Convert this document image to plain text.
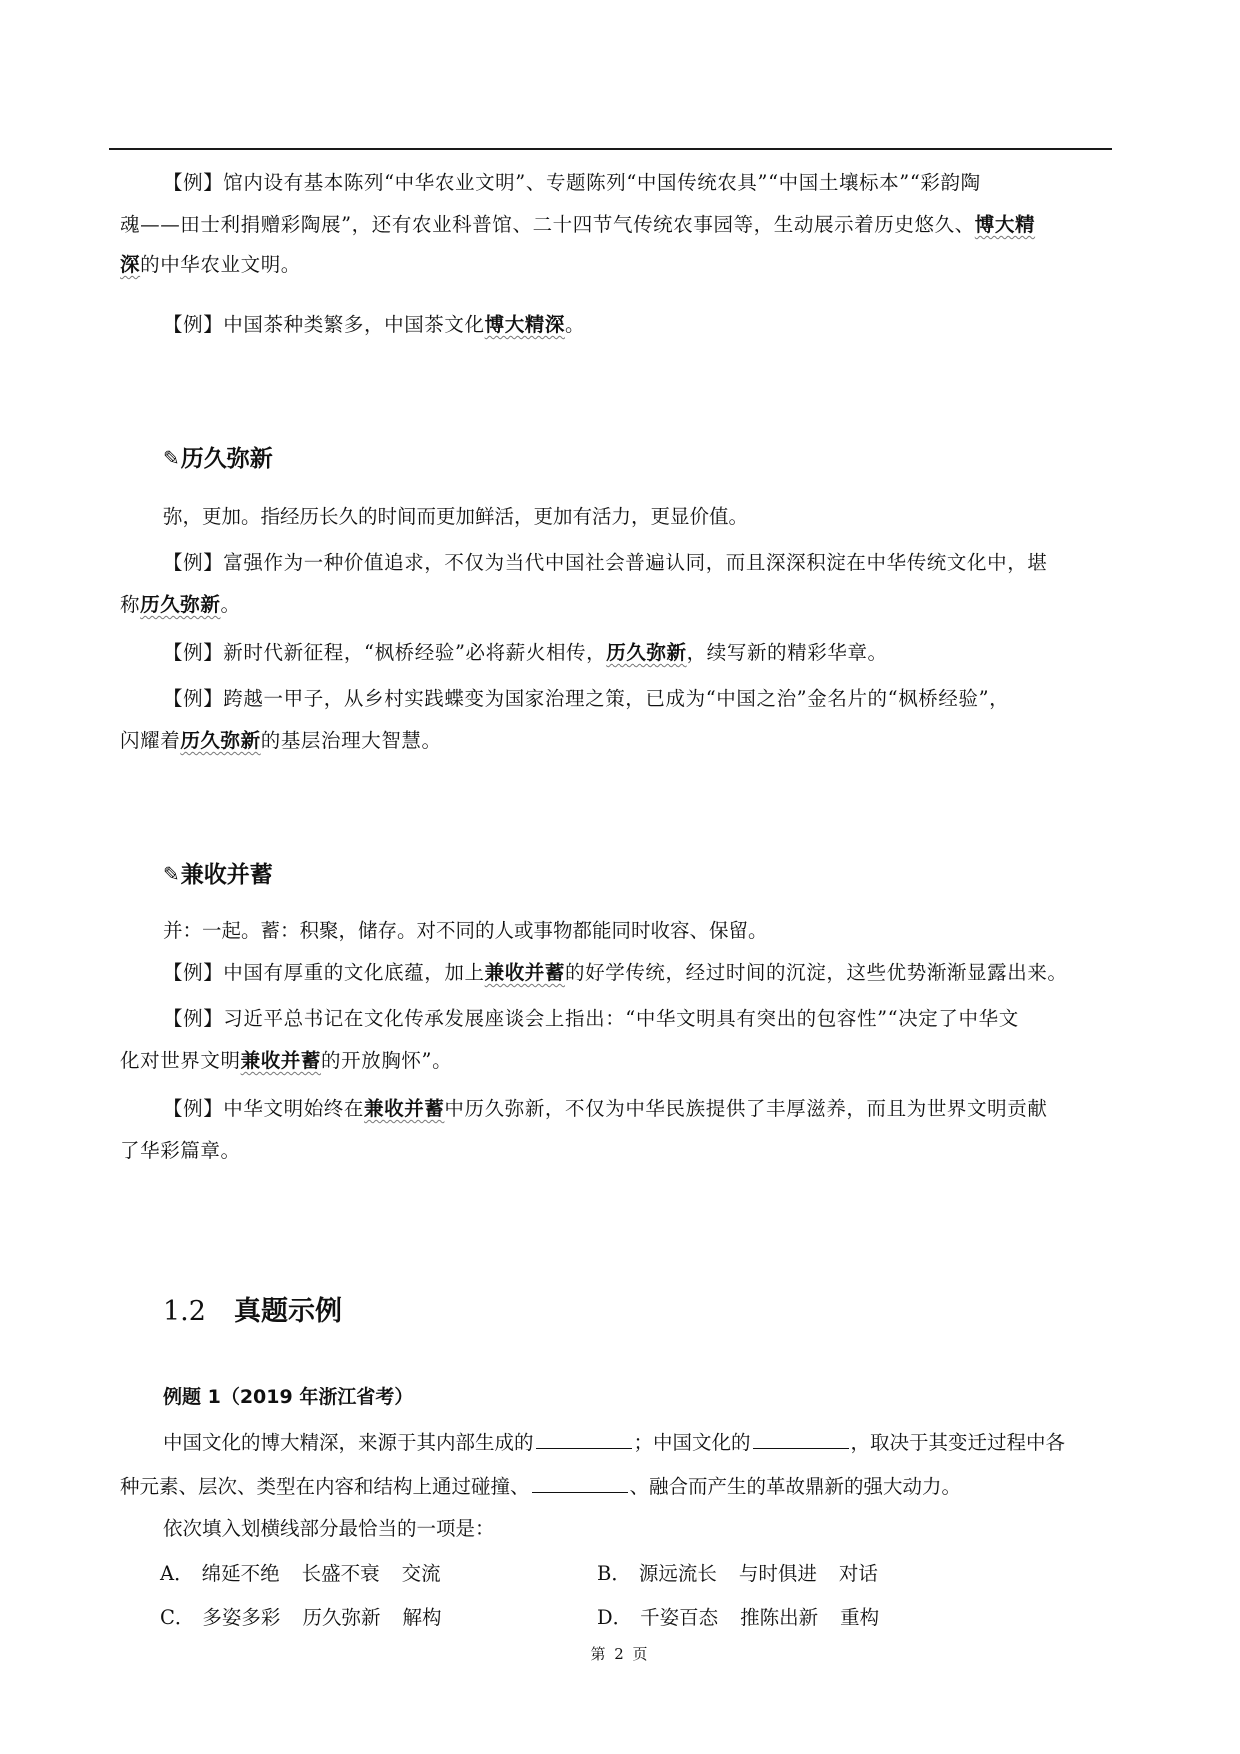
【例】馆内设有基本陈列“中华农业文明”、专题陈列“中国传统农具”“中国土壤标本”“彩韵陶
魂——田士利捐赠彩陶展”，还有农业科普馆、二十四节气传统农事园等，生动展示着历史悠久、博大精
深的中华农业文明。
【例】中国茶种类繁多，中国茶文化博大精深。
✎历久弥新
弥，更加。指经历长久的时间而更加鲜活，更加有活力，更显价值。
【例】富强作为一种价值追求，不仅为当代中国社会普遍认同，而且深深积淀在中华传统文化中，堪
称历久弥新。
【例】新时代新征程，“枫桥经验”必将薪火相传，历久弥新，续写新的精彩华章。
【例】跨越一甲子，从乡村实践蝶变为国家治理之策，已成为“中国之治”金名片的“枫桥经验”，
闪耀着历久弥新的基层治理大智慧。
✎兼收并蓄
并：一起。蓄：积聚，储存。对不同的人或事物都能同时收容、保留。
【例】中国有厚重的文化底蕴，加上兼收并蓄的好学传统，经过时间的沉淀，这些优势渐渐显露出来。
【例】习近平总书记在文化传承发展座谈会上指出：“中华文明具有突出的包容性”“决定了中华文
化对世界文明兼收并蓄的开放胸怀”。
【例】中华文明始终在兼收并蓄中历久弥新，不仅为中华民族提供了丰厚滋养，而且为世界文明贡献
了华彩篇章。
1.2 真题示例
例题 1（2019 年浙江省考）
中国文化的博大精深，来源于其内部生成的	；中国文化的	，取决于其变迁过程中各
种元素、层次、类型在内容和结构上通过碰撞、	、融合而产生的革故鼎新的强大动力。
依次填入划横线部分最恰当的一项是：
A． 绵延不绝 长盛不衰 交流	B． 源远流长 与时俱进 对话
C． 多姿多彩 历久弥新 解构	D． 千姿百态 推陈出新 重构
第 2 页
